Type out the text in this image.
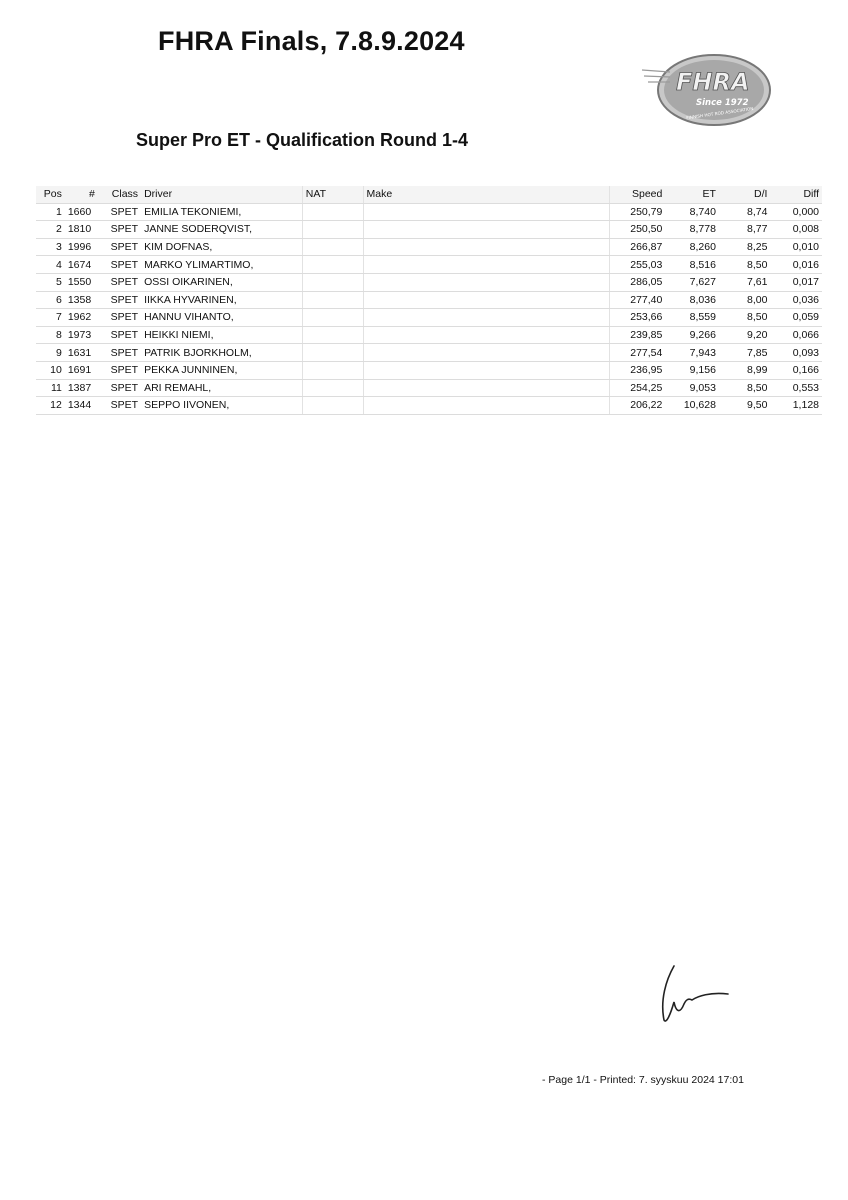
FHRA Finals, 7.8.9.2024
Super Pro ET - Qualification Round 1-4
FHRA
Since 1972
FINNISH HOT ROD ASSOCIATION
Pos	#	Class	Driver	NAT	Make	Speed	ET	D/I	Diff
1	1660	SPET	EMILIA TEKONIEMI,			250,79	8,740	8,74	0,000
2	1810	SPET	JANNE SODERQVIST,			250,50	8,778	8,77	0,008
3	1996	SPET	KIM DOFNAS,			266,87	8,260	8,25	0,010
4	1674	SPET	MARKO YLIMARTIMO,			255,03	8,516	8,50	0,016
5	1550	SPET	OSSI OIKARINEN,			286,05	7,627	7,61	0,017
6	1358	SPET	IIKKA HYVARINEN,			277,40	8,036	8,00	0,036
7	1962	SPET	HANNU VIHANTO,			253,66	8,559	8,50	0,059
8	1973	SPET	HEIKKI NIEMI,			239,85	9,266	9,20	0,066
9	1631	SPET	PATRIK BJORKHOLM,			277,54	7,943	7,85	0,093
10	1691	SPET	PEKKA JUNNINEN,			236,95	9,156	8,99	0,166
11	1387	SPET	ARI REMAHL,			254,25	9,053	8,50	0,553
12	1344	SPET	SEPPO IIVONEN,			206,22	10,628	9,50	1,128
- Page 1/1 - Printed: 7. syyskuu 2024 17:01
